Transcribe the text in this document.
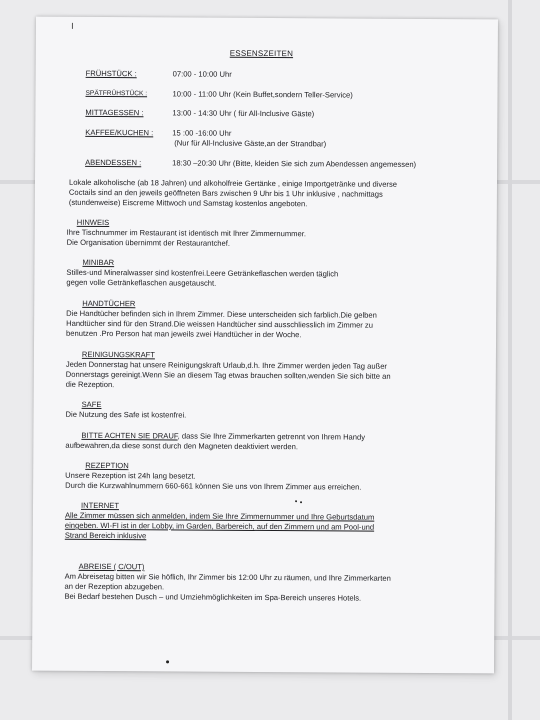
ESSENSZEITEN
FRÜHSTÜCK :	07:00 - 10:00 Uhr
SPÄTFRÜHSTÜCK :	10:00 - 11:00 Uhr (Kein Buffet,sondern Teller-Service)
MITTAGESSEN :	13:00 - 14:30 Uhr ( für All-Inclusive Gäste)
KAFFEE/KUCHEN :	15 :00 -16:00 Uhr
(Nur für All-Inclusive Gäste,an der Strandbar)
ABENDESSEN :	18:30 –20:30 Uhr (Bitte, kleiden Sie sich zum Abendessen angemessen)
Lokale alkoholische (ab 18 Jahren) und alkoholfreie Gertänke , einige Importgetränke und diverse
Coctails sind an den jeweils geöffneten Bars zwischen 9 Uhr bis 1 Uhr inklusive , nachmittags
(stundenweise) Eiscreme Mittwoch und Samstag kostenlos angeboten.
HINWEIS
Ihre Tischnummer im Restaurant ist identisch mit Ihrer Zimmernummer.
Die Organisation übernimmt der Restaurantchef.
MINIBAR
Stilles-und Mineralwasser sind kostenfrei.Leere Getränkeflaschen werden täglich
gegen volle Getränkeflaschen ausgetauscht.
HANDTÜCHER
Die Handtücher befinden sich in Ihrem Zimmer. Diese unterscheiden sich farblich.Die gelben
Handtücher sind für den Strand.Die weissen Handtücher sind ausschliesslich im Zimmer zu
benutzen .Pro Person hat man jeweils zwei Handtücher in der Woche.
REINIGUNGSKRAFT
Jeden Donnerstag hat unsere Reinigungskraft Urlaub,d.h. Ihre Zimmer werden jeden Tag außer
Donnerstags gereinigt.Wenn Sie an diesem Tag etwas brauchen sollten,wenden Sie sich bitte an
die Rezeption.
SAFE
Die Nutzung des Safe ist kostenfrei.
BITTE ACHTEN SIE DRAUF, dass Sie Ihre Zimmerkarten getrennt von Ihrem Handy
aufbewahren,da diese sonst durch den Magneten deaktiviert werden.
REZEPTION
Unsere Rezeption ist 24h lang besetzt.
Durch die Kurzwahlnummern 660-661 können Sie uns von Ihrem Zimmer aus erreichen.
INTERNET
Alle Zimmer müssen sich anmelden, indem Sie Ihre Zimmernummer und Ihre Geburtsdatum
eingeben. WI-FI ist in der Lobby, im Garden, Barbereich, auf den Zimmern und am Pool-und
Strand Bereich inklusive
ABREISE ( C/OUT)
Am Abreisetag bitten wir Sie höflich, Ihr Zimmer bis 12:00 Uhr zu räumen, und Ihre Zimmerkarten
an der Rezeption abzugeben.
Bei Bedarf bestehen Dusch – und Umziehmöglichkeiten im Spa-Bereich unseres Hotels.
